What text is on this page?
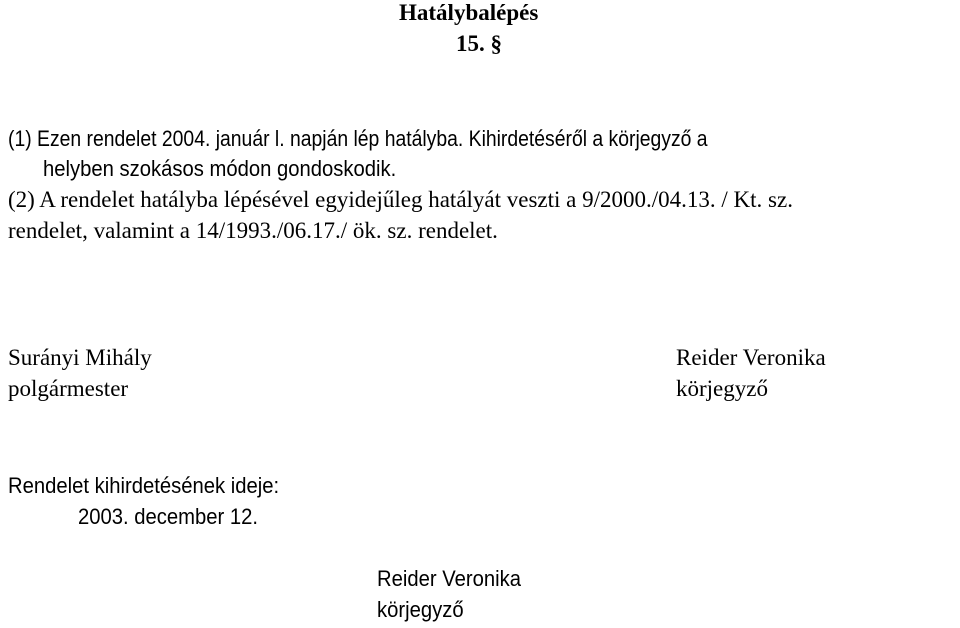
Hatálybalépés
15. §
(1) Ezen rendelet 2004. január l. napján lép hatályba. Kihirdetéséről a körjegyző a
helyben szokásos módon gondoskodik.
(2) A rendelet hatályba lépésével egyidejűleg hatályát veszti a 9/2000./04.13. / Kt. sz.
rendelet, valamint a 14/1993./06.17./ ök. sz. rendelet.
Surányi Mihály
polgármester
Reider Veronika
körjegyző
Rendelet kihirdetésének ideje:
2003. december 12.
Reider Veronika
körjegyző
